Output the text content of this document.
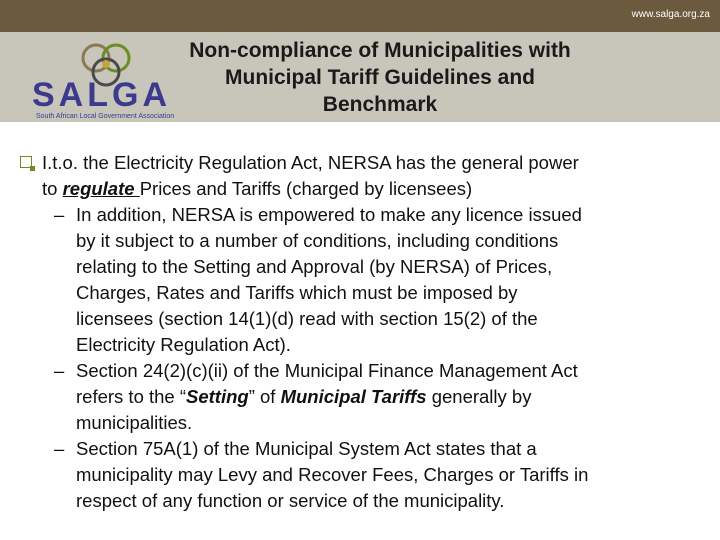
www.salga.org.za
SALGA
South African Local Government Association
Non-compliance of Municipalities with
Municipal Tariff Guidelines and
Benchmark
I.t.o. the Electricity Regulation Act, NERSA has the general power
to regulate Prices and Tariffs (charged by licensees)
– In addition, NERSA is empowered to make any licence issued
by it subject to a number of conditions, including conditions
relating to the Setting and Approval (by NERSA) of Prices,
Charges, Rates and Tariffs which must be imposed by
licensees (section 14(1)(d) read with section 15(2) of the
Electricity Regulation Act).
– Section 24(2)(c)(ii) of the Municipal Finance Management Act
refers to the “Setting” of Municipal Tariffs generally by
municipalities.
– Section 75A(1) of the Municipal System Act states that a
municipality may Levy and Recover Fees, Charges or Tariffs in
respect of any function or service of the municipality.
